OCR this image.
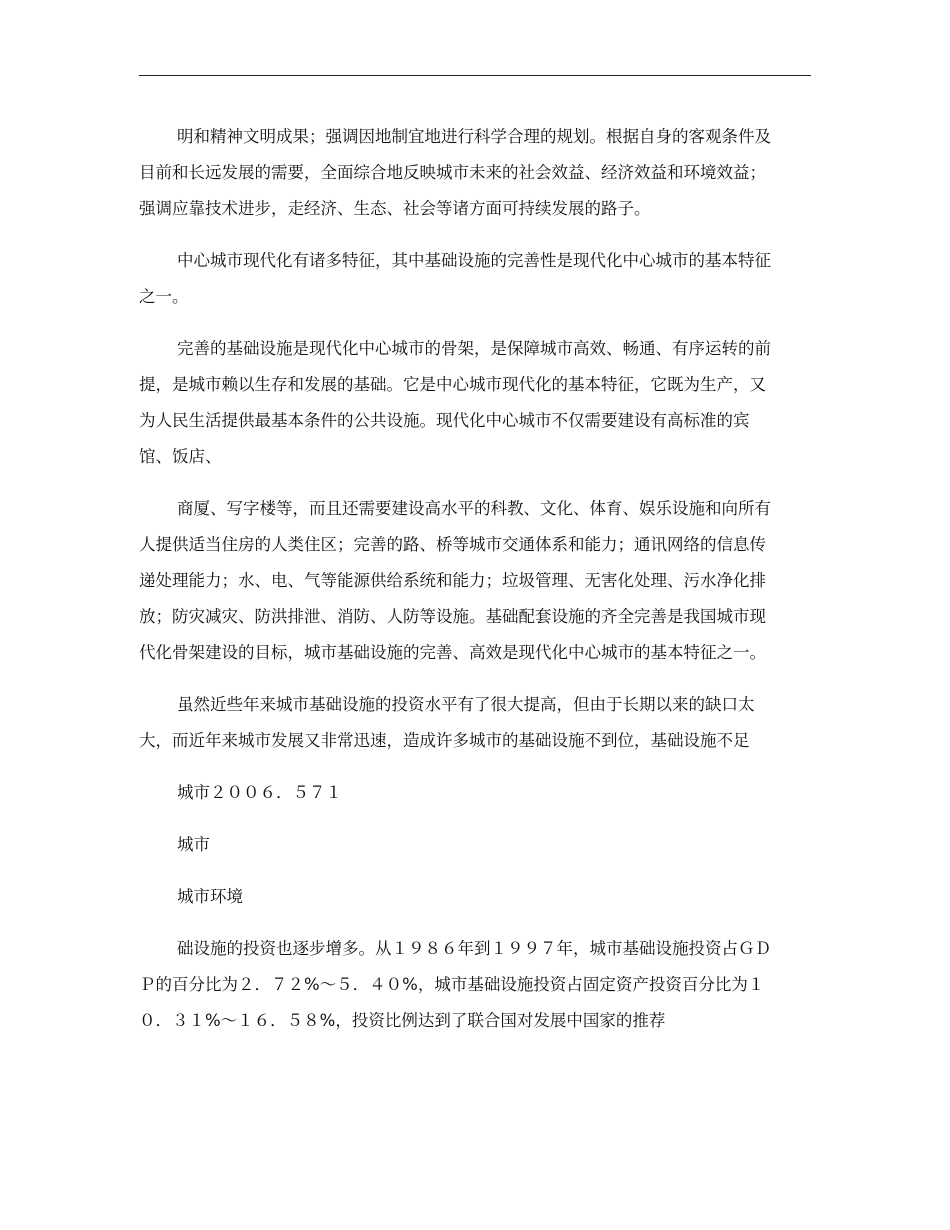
明和精神文明成果；强调因地制宜地进行科学合理的规划。根据自身的客观条件及目前和长远发展的需要，全面综合地反映城市未来的社会效益、经济效益和环境效益；强调应靠技术进步，走经济、生态、社会等诸方面可持续发展的路子。

中心城市现代化有诸多特征，其中基础设施的完善性是现代化中心城市的基本特征之一。

完善的基础设施是现代化中心城市的骨架，是保障城市高效、畅通、有序运转的前提，是城市赖以生存和发展的基础。它是中心城市现代化的基本特征，它既为生产，又为人民生活提供最基本条件的公共设施。现代化中心城市不仅需要建设有高标准的宾馆、饭店、

商厦、写字楼等，而且还需要建设高水平的科教、文化、体育、娱乐设施和向所有人提供适当住房的人类住区；完善的路、桥等城市交通体系和能力；通讯网络的信息传递处理能力；水、电、气等能源供给系统和能力；垃圾管理、无害化处理、污水净化排放；防灾减灾、防洪排泄、消防、人防等设施。基础配套设施的齐全完善是我国城市现代化骨架建设的目标，城市基础设施的完善、高效是现代化中心城市的基本特征之一。

虽然近些年来城市基础设施的投资水平有了很大提高，但由于长期以来的缺口太大，而近年来城市发展又非常迅速，造成许多城市的基础设施不到位，基础设施不足

城市２００６．５７１

城市

城市环境

础设施的投资也逐步增多。从１９８６年到１９９７年，城市基础设施投资占ＧＤＰ的百分比为２．７２%～５．４０%，城市基础设施投资占固定资产投资百分比为１０．３１%～１６．５８%，投资比例达到了联合国对发展中国家的推荐
